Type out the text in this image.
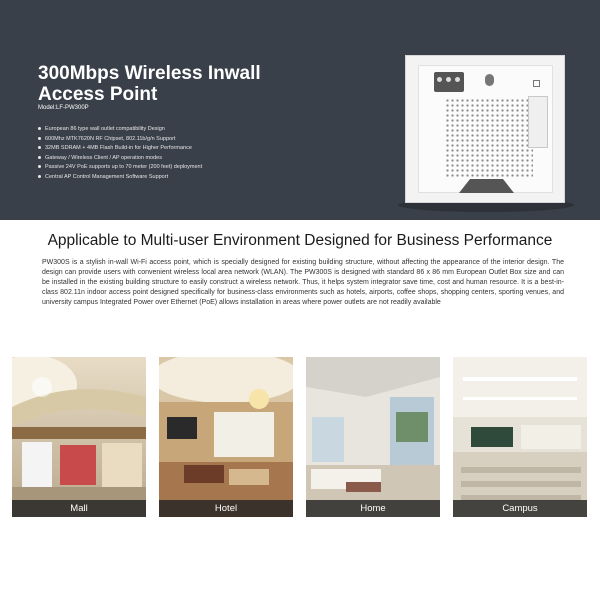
300Mbps Wireless Inwall Access Point
Model:LF-PW300P
European 86 type wall outlet compatibility Design
600Mhz MTK7620N RF Chipset, 802.11b/g/n Support
32MB SDRAM + 4MB Flash Build-in for Higher Performance
Gateway / Wireless Client / AP operation modes
Passive 24V PoE supports up to 70 meter (200 feet) deployment
Central AP Control Management Software Support
Applicable to Multi-user Environment Designed for Business Performance
PW300S is a stylish in-wall Wi-Fi access point, which is specially designed for existing building structure, without affecting the appearance of the interior design. The design can provide users with convenient wireless local area network (WLAN). The PW300S is designed with standard 86 x 86 mm European Outlet Box size and can be installed in the existing building structure to easily construct a wireless network. Thus, it helps system integrator save time, cost and human resource. It is a best-in-class 802.11n indoor access point designed specifically for business-class environments such as hotels, airports, coffee shops, shopping centers, sporting venues, and university campus Integrated Power over Ethernet (PoE) allows installation in areas where power outlets are not readily available
Mall	Hotel	Home	Campus
